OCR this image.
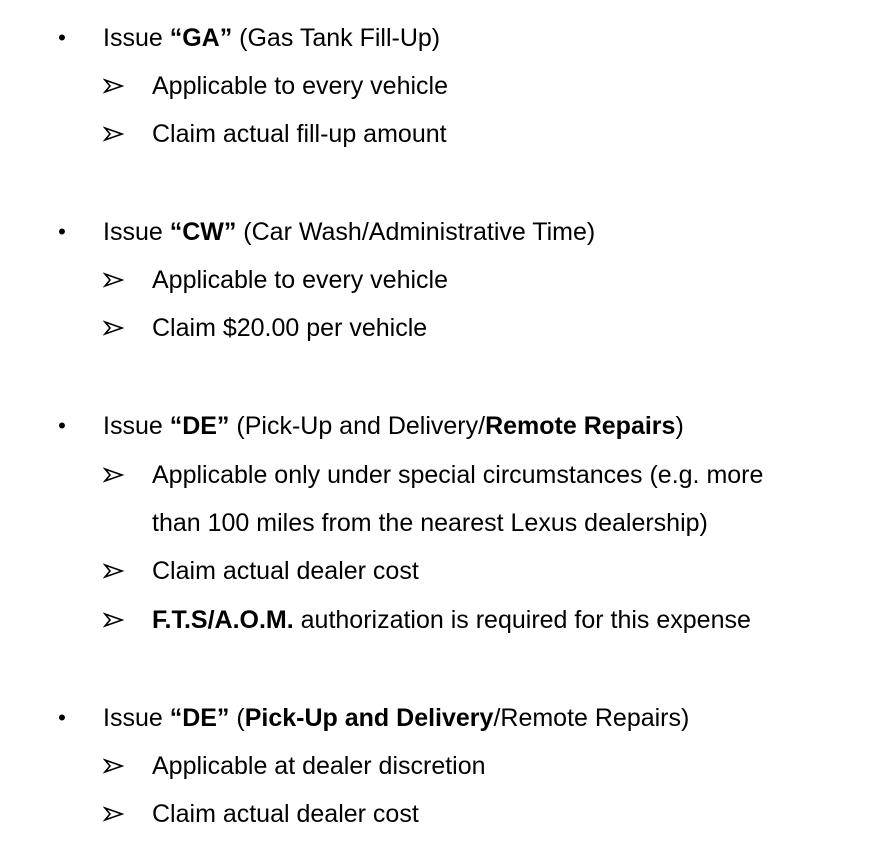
• Issue “GA” (Gas Tank Fill-Up)
Applicable to every vehicle
Claim actual fill-up amount
• Issue “CW” (Car Wash/Administrative Time)
Applicable to every vehicle
Claim $20.00 per vehicle
• Issue “DE” (Pick-Up and Delivery/Remote Repairs)
Applicable only under special circumstances (e.g. more
than 100 miles from the nearest Lexus dealership)
Claim actual dealer cost
F.T.S/A.O.M. authorization is required for this expense
• Issue “DE” (Pick-Up and Delivery/Remote Repairs)
Applicable at dealer discretion
Claim actual dealer cost
